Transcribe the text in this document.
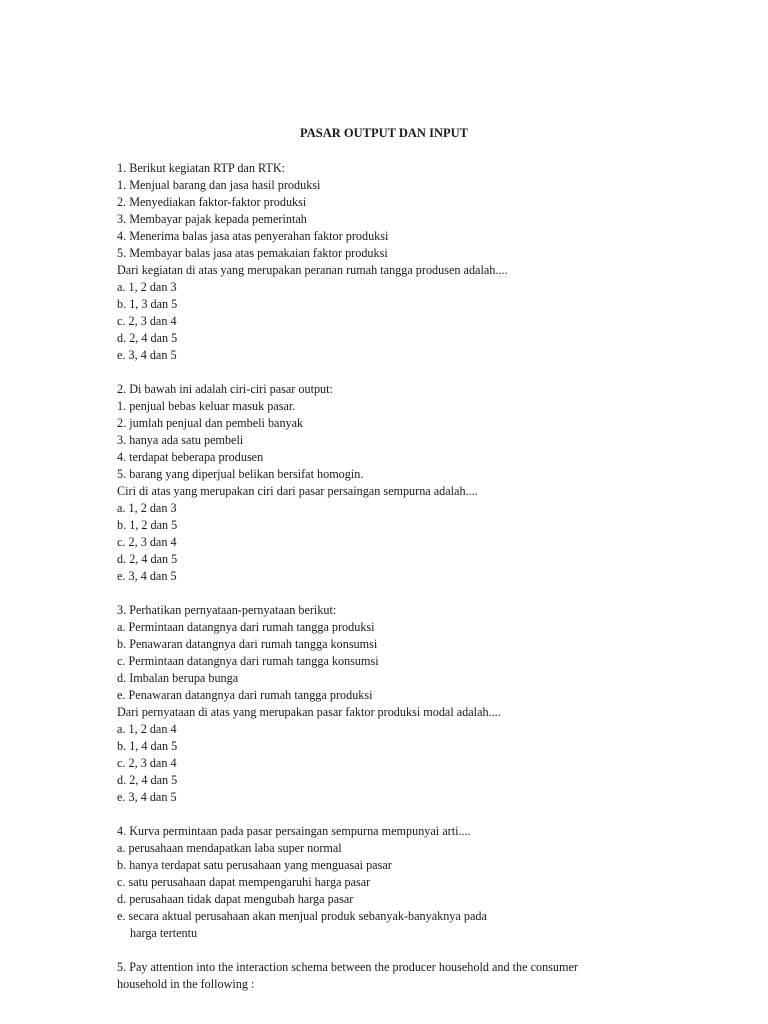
PASAR OUTPUT DAN INPUT
1. Berikut kegiatan RTP dan RTK:
1. Menjual barang dan jasa hasil produksi
2. Menyediakan faktor-faktor produksi
3. Membayar pajak kepada pemerintah
4. Menerima balas jasa atas penyerahan faktor produksi
5. Membayar balas jasa atas pemakaian faktor produksi
Dari kegiatan di atas yang merupakan peranan rumah tangga produsen adalah....
a. 1, 2 dan 3
b. 1, 3 dan 5
c. 2, 3 dan 4
d. 2, 4 dan 5
e. 3, 4 dan 5
2. Di bawah ini adalah ciri-ciri pasar output:
1. penjual bebas keluar masuk pasar.
2. jumlah penjual dan pembeli banyak
3. hanya ada satu pembeli
4. terdapat beberapa produsen
5. barang yang diperjual belikan bersifat homogin.
Ciri di atas yang merupakan ciri dari pasar persaingan sempurna adalah....
a. 1, 2 dan 3
b. 1, 2 dan 5
c. 2, 3 dan 4
d. 2, 4 dan 5
e. 3, 4 dan 5
3. Perhatikan pernyataan-pernyataan berikut:
a. Permintaan datangnya dari rumah tangga produksi
b. Penawaran datangnya dari rumah tangga konsumsi
c. Permintaan datangnya dari rumah tangga konsumsi
d. Imbalan berupa bunga
e. Penawaran datangnya dari rumah tangga produksi
Dari pernyataan di atas yang merupakan pasar faktor produksi modal adalah....
a. 1, 2 dan 4
b. 1, 4 dan 5
c. 2, 3 dan 4
d. 2, 4 dan 5
e. 3, 4 dan 5
4. Kurva permintaan pada pasar persaingan sempurna mempunyai arti....
a. perusahaan mendapatkan laba super normal
b. hanya terdapat satu perusahaan yang menguasai pasar
c. satu perusahaan dapat mempengaruhi harga pasar
d. perusahaan tidak dapat mengubah harga pasar
e. secara aktual perusahaan akan menjual produk sebanyak-banyaknya pada
harga tertentu
5. Pay attention into the interaction schema between the producer household and the consumer
household in the following :
